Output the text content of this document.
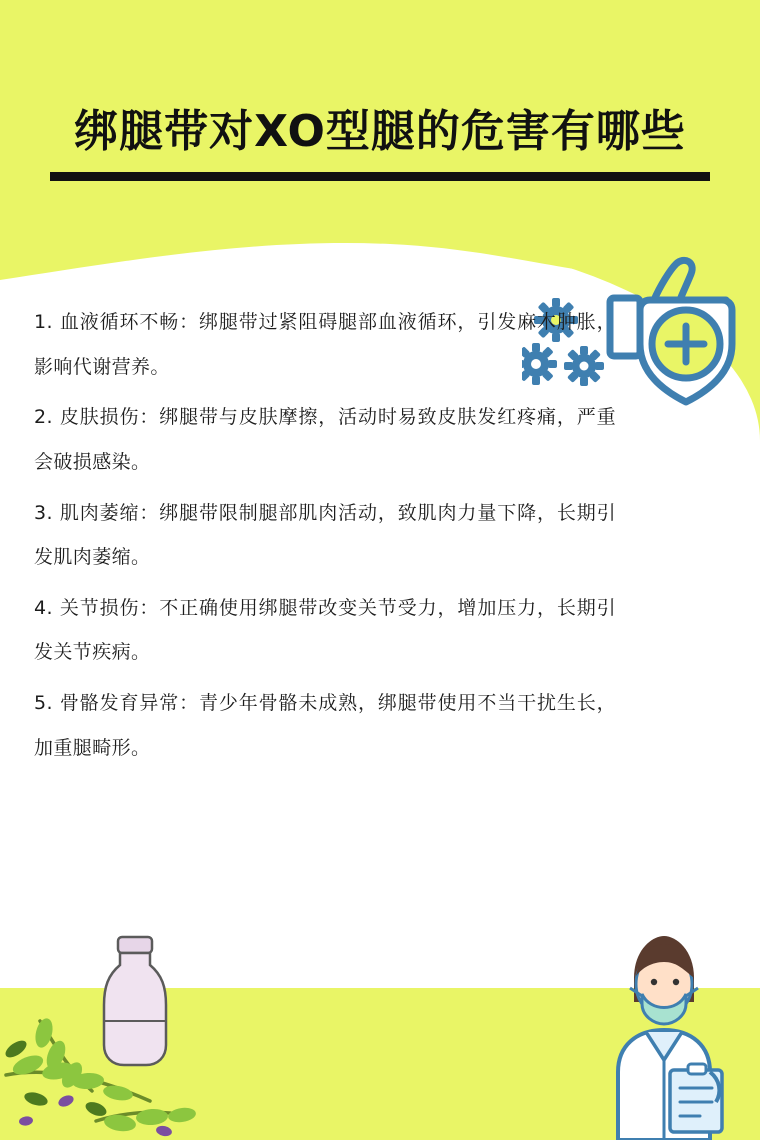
绑腿带对XO型腿的危害有哪些

1. 血液循环不畅：绑腿带过紧阻碍腿部血液循环，引发麻木肿胀，影响代谢营养。

2. 皮肤损伤：绑腿带与皮肤摩擦，活动时易致皮肤发红疼痛，严重会破损感染。

3. 肌肉萎缩：绑腿带限制腿部肌肉活动，致肌肉力量下降，长期引发肌肉萎缩。

4. 关节损伤：不正确使用绑腿带改变关节受力，增加压力，长期引发关节疾病。

5. 骨骼发育异常：青少年骨骼未成熟，绑腿带使用不当干扰生长，加重腿畸形。
